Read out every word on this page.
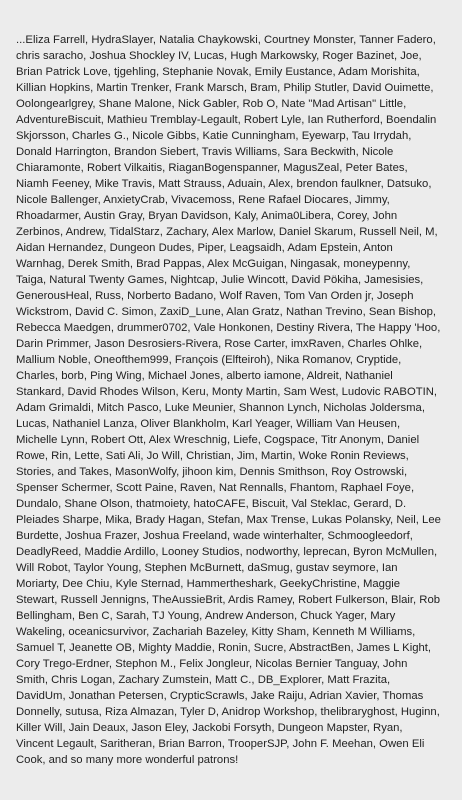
...Eliza Farrell, HydraSlayer, Natalia Chaykowski, Courtney Monster, Tanner Fadero, chris saracho, Joshua Shockley IV, Lucas, Hugh Markowsky, Roger Bazinet, Joe, Brian Patrick Love, tjgehling, Stephanie Novak, Emily Eustance, Adam Morishita, Killian Hopkins, Martin Trenker, Frank Marsch, Bram, Philip Stutler, David Ouimette, Oolongearlgrey, Shane Malone, Nick Gabler, Rob O, Nate "Mad Artisan" Little, AdventureBiscuit, Mathieu Tremblay-Legault, Robert Lyle, Ian Rutherford, Boendalin Skjorsson, Charles G., Nicole Gibbs, Katie Cunningham, Eyewarp, Tau Irrydah, Donald Harrington, Brandon Siebert, Travis Williams, Sara Beckwith, Nicole Chiaramonte, Robert Vilkaitis, RiaganBogenspanner, MagusZeal, Peter Bates, Niamh Feeney, Mike Travis, Matt Strauss, Aduain, Alex, brendon faulkner, Datsuko, Nicole Ballenger, AnxietyCrab, Vivacemoss, Rene Rafael Diocares, Jimmy, Rhoadarmer, Austin Gray, Bryan Davidson, Kaly, Anima0Libera, Corey, John Zerbinos, Andrew, TidalStarz, Zachary, Alex Marlow, Daniel Skarum, Russell Neil, M, Aidan Hernandez, Dungeon Dudes, Piper, Leagsaidh, Adam Epstein, Anton Warnhag, Derek Smith, Brad Pappas, Alex McGuigan, Ningasak, moneypenny, Taiga, Natural Twenty Games, Nightcap, Julie Wincott, David Pökiha, Jamesisies, GenerousHeal, Russ, Norberto Badano, Wolf Raven, Tom Van Orden jr, Joseph Wickstrom, David C. Simon, ZaxiD_Lune, Alan Gratz, Nathan Trevino, Sean Bishop, Rebecca Maedgen, drummer0702, Vale Honkonen, Destiny Rivera, The Happy 'Hoo, Darin Primmer, Jason Desrosiers-Rivera, Rose Carter, imxRaven, Charles Ohlke, Mallium Noble, Oneofthem999, François (Elfteiroh), Nika Romanov, Cryptide, Charles, borb, Ping Wing, Michael Jones, alberto iamone, Aldreit, Nathaniel Stankard, David Rhodes Wilson, Keru, Monty Martin, Sam West, Ludovic RABOTIN, Adam Grimaldi, Mitch Pasco, Luke Meunier, Shannon Lynch, Nicholas Joldersma, Lucas, Nathaniel Lanza, Oliver Blankholm, Karl Yeager, William Van Heusen, Michelle Lynn, Robert Ott, Alex Wreschnig, Liefe, Cogspace, Titr Anonym, Daniel Rowe, Rin, Lette, Sati Ali, Jo Will, Christian, Jim, Martin, Woke Ronin Reviews, Stories, and Takes, MasonWolfy, jihoon kim, Dennis Smithson, Roy Ostrowski, Spenser Schermer, Scott Paine, Raven, Nat Rennalls, Fhantom, Raphael Foye, Dundalo, Shane Olson, thatmoiety, hatoCAFE, Biscuit, Val Steklac, Gerard, D. Pleiades Sharpe, Mika, Brady Hagan, Stefan, Max Trense, Lukas Polansky, Neil, Lee Burdette, Joshua Frazer, Joshua Freeland, wade winterhalter, Schmoogleedorf, DeadlyReed, Maddie Ardillo, Looney Studios, nodworthy, leprecan, Byron McMullen, Will Robot, Taylor Young, Stephen McBurnett, daSmug, gustav seymore, Ian Moriarty, Dee Chiu, Kyle Sternad, Hammertheshark, GeekyChristine, Maggie Stewart, Russell Jennigns, TheAussieBrit, Ardis Ramey, Robert Fulkerson, Blair, Rob Bellingham, Ben C, Sarah, TJ Young, Andrew Anderson, Chuck Yager, Mary Wakeling, oceanicsurvivor, Zachariah Bazeley, Kitty Sham, Kenneth M Williams, Samuel T, Jeanette OB, Mighty Maddie, Ronin, Sucre, AbstractBen, James L Kight, Cory Trego-Erdner, Stephon M., Felix Jongleur, Nicolas Bernier Tanguay, John Smith, Chris Logan, Zachary Zumstein, Matt C., DB_Explorer, Matt Frazita, DavidUm, Jonathan Petersen, CrypticScrawls, Jake Raiju, Adrian Xavier, Thomas Donnelly, sutusa, Riza Almazan, Tyler D, Anidrop Workshop, thelibraryghost, Huginn, Killer Will, Jain Deaux, Jason Eley, Jackobi Forsyth, Dungeon Mapster, Ryan, Vincent Legault, Saritheran, Brian Barron, TrooperSJP, John F. Meehan, Owen Eli Cook, and so many more wonderful patrons!
